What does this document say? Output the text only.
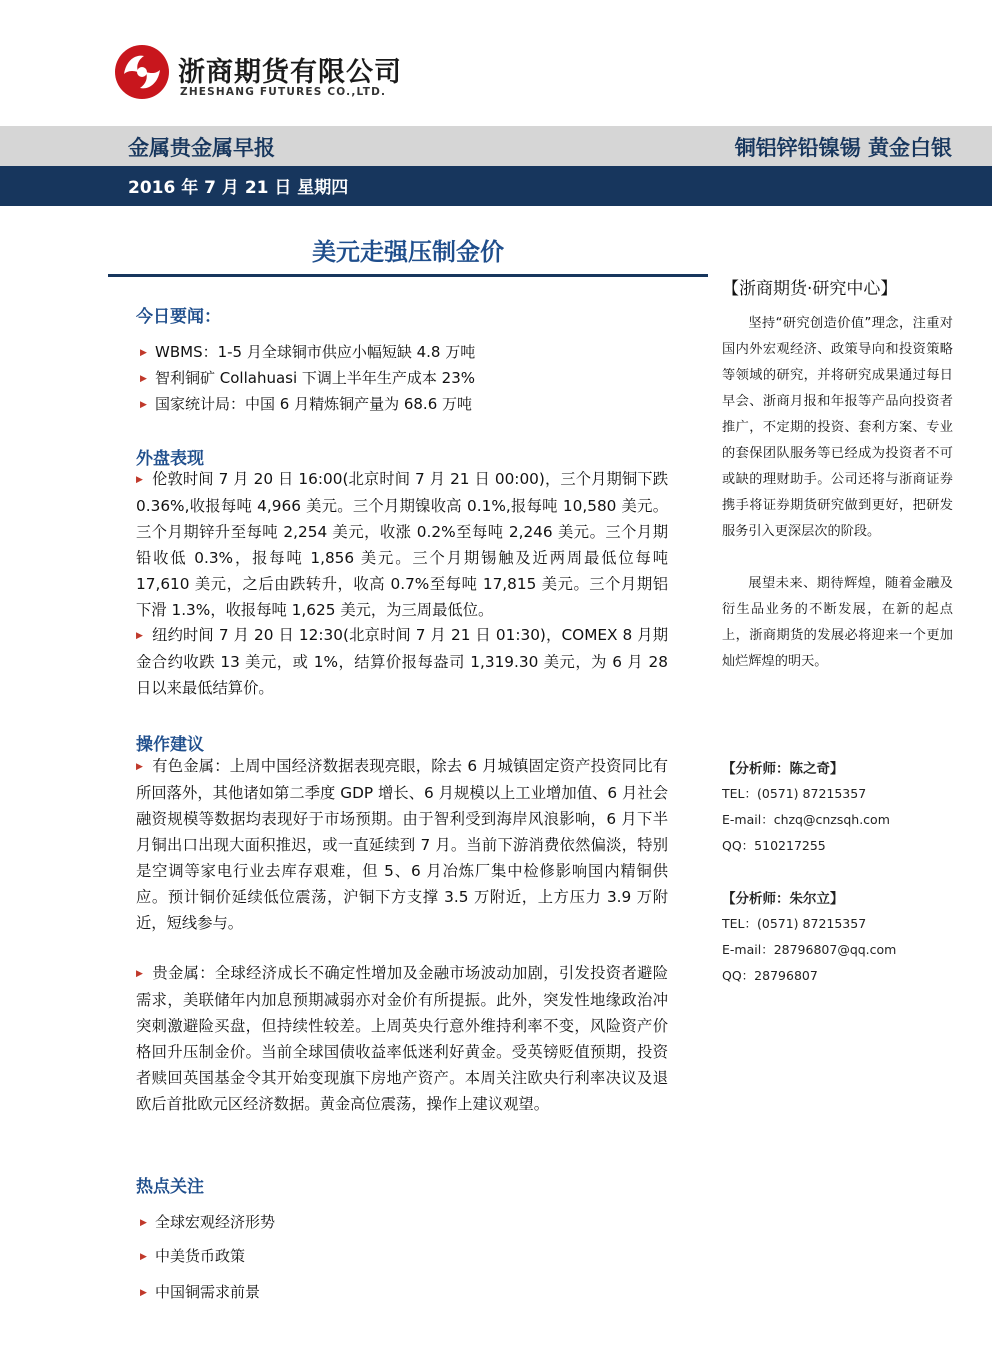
浙商期货有限公司
ZHESHANG FUTURES CO.,LTD.
金属贵金属早报	铜铝锌铅镍锡 黄金白银
2016 年 7 月 21 日 星期四
美元走强压制金价
今日要闻：
▶ WBMS：1-5 月全球铜市供应小幅短缺 4.8 万吨
▶ 智利铜矿 Collahuasi 下调上半年生产成本 23%
▶ 国家统计局：中国 6 月精炼铜产量为 68.6 万吨
外盘表现
▶ 伦敦时间 7 月 20 日 16:00(北京时间 7 月 21 日 00:00)，三个月期铜下跌 0.36%,收报每吨 4,966 美元。三个月期镍收高 0.1%,报每吨 10,580 美元。三个月期锌升至每吨 2,254 美元，收涨 0.2%至每吨 2,246 美元。三个月期铅收低 0.3%，报每吨 1,856 美元。三个月期锡触及近两周最低位每吨 17,610 美元，之后由跌转升，收高 0.7%至每吨 17,815 美元。三个月期铝下滑 1.3%，收报每吨 1,625 美元，为三周最低位。
▶ 纽约时间 7 月 20 日 12:30(北京时间 7 月 21 日 01:30)，COMEX 8 月期金合约收跌 13 美元，或 1%，结算价报每盎司 1,319.30 美元，为 6 月 28 日以来最低结算价。
操作建议
▶ 有色金属：上周中国经济数据表现亮眼，除去 6 月城镇固定资产投资同比有所回落外，其他诸如第二季度 GDP 增长、6 月规模以上工业增加值、6 月社会融资规模等数据均表现好于市场预期。由于智利受到海岸风浪影响，6 月下半月铜出口出现大面积推迟，或一直延续到 7 月。当前下游消费依然偏淡，特别是空调等家电行业去库存艰难，但 5、6 月冶炼厂集中检修影响国内精铜供应。预计铜价延续低位震荡，沪铜下方支撑 3.5 万附近，上方压力 3.9 万附近，短线参与。
▶ 贵金属：全球经济成长不确定性增加及金融市场波动加剧，引发投资者避险需求，美联储年内加息预期减弱亦对金价有所提振。此外，突发性地缘政治冲突刺激避险买盘，但持续性较差。上周英央行意外维持利率不变，风险资产价格回升压制金价。当前全球国债收益率低迷利好黄金。受英镑贬值预期，投资者赎回英国基金令其开始变现旗下房地产资产。本周关注欧央行利率决议及退欧后首批欧元区经济数据。黄金高位震荡，操作上建议观望。
热点关注
▶ 全球宏观经济形势
▶ 中美货币政策
▶ 中国铜需求前景
【浙商期货·研究中心】
坚持“研究创造价值”理念，注重对国内外宏观经济、政策导向和投资策略等领域的研究，并将研究成果通过每日早会、浙商月报和年报等产品向投资者推广，不定期的投资、套利方案、专业的套保团队服务等已经成为投资者不可或缺的理财助手。公司还将与浙商证券携手将证券期货研究做到更好，把研发服务引入更深层次的阶段。
展望未来、期待辉煌，随着金融及衍生品业务的不断发展，在新的起点上，浙商期货的发展必将迎来一个更加灿烂辉煌的明天。
【分析师：陈之奇】
TEL：(0571) 87215357
E-mail：chzq@cnzsqh.com
QQ：510217255
【分析师：朱尔立】
TEL：(0571) 87215357
E-mail：28796807@qq.com
QQ：28796807
